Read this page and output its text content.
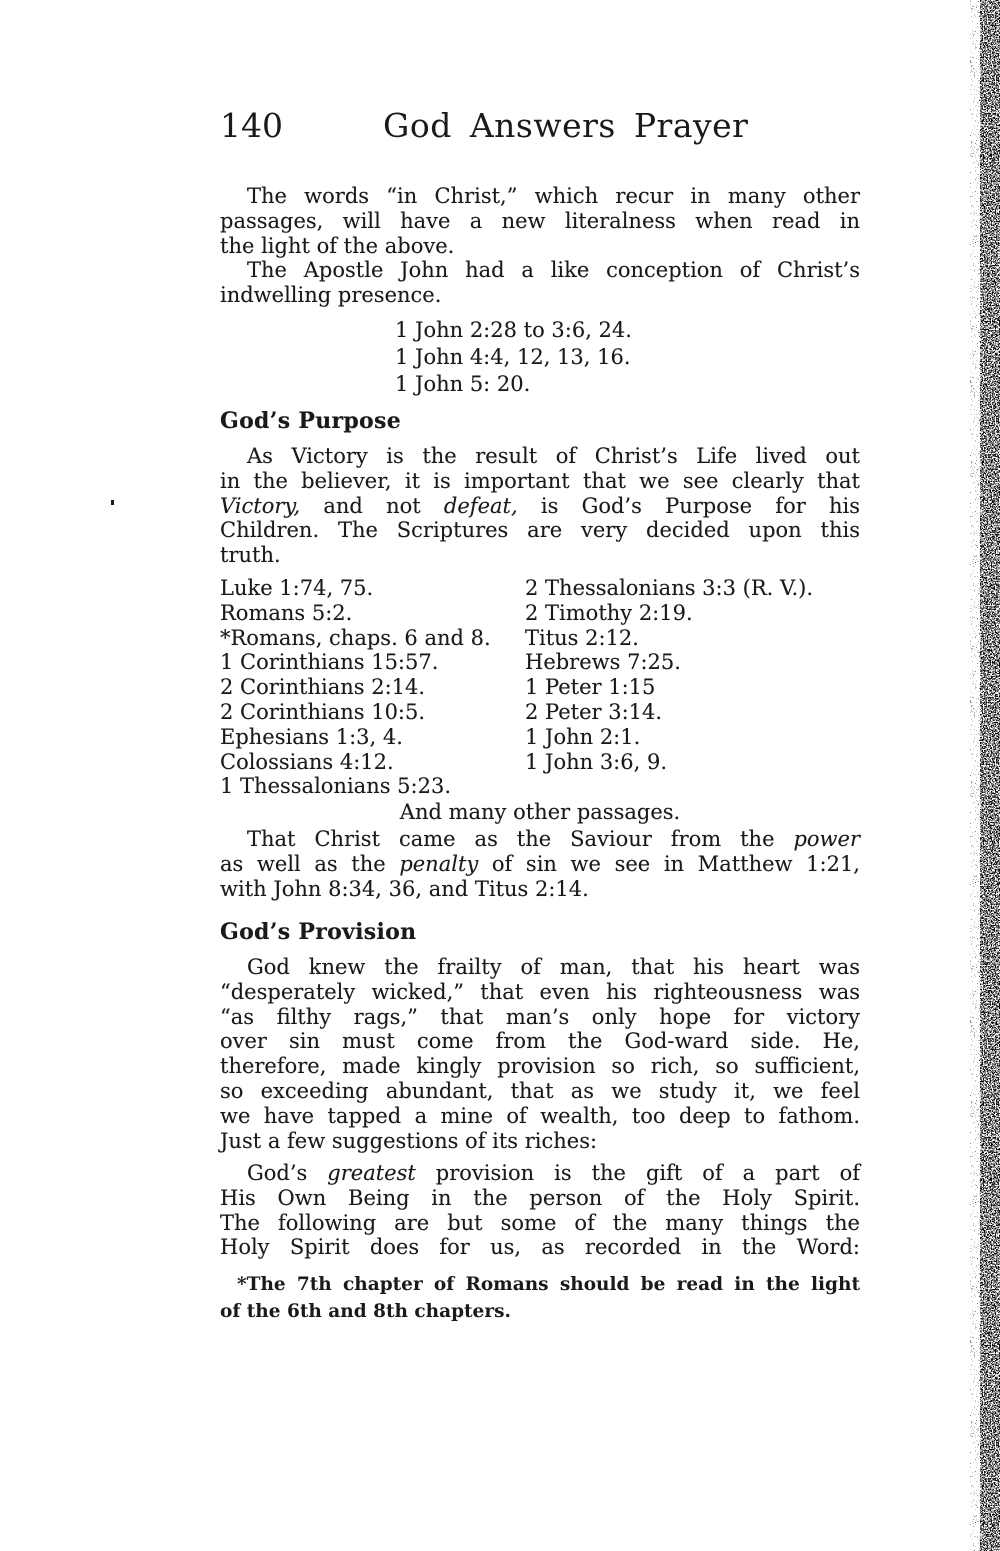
140	God Answers Prayer
The words “in Christ,” which recur in many other
passages, will have a new literalness when read in
the light of the above.
The Apostle John had a like conception of Christ’s
indwelling presence.
1 John 2:28 to 3:6, 24.
1 John 4:4, 12, 13, 16.
1 John 5: 20.
God’s Purpose
As Victory is the result of Christ’s Life lived out
in the believer, it is important that we see clearly that
Victory, and not defeat, is God’s Purpose for his
Children. The Scriptures are very decided upon this
truth.
Luke 1:74, 75.	2 Thessalonians 3:3 (R. V.).
Romans 5:2.	2 Timothy 2:19.
*Romans, chaps. 6 and 8.	Titus 2:12.
1 Corinthians 15:57.	Hebrews 7:25.
2 Corinthians 2:14.	1 Peter 1:15
2 Corinthians 10:5.	2 Peter 3:14.
Ephesians 1:3, 4.	1 John 2:1.
Colossians 4:12.	1 John 3:6, 9.
1 Thessalonians 5:23.
And many other passages.
That Christ came as the Saviour from the power
as well as the penalty of sin we see in Matthew 1:21,
with John 8:34, 36, and Titus 2:14.
God’s Provision
God knew the frailty of man, that his heart was
“desperately wicked,” that even his righteousness was
“as filthy rags,” that man’s only hope for victory
over sin must come from the God-ward side. He,
therefore, made kingly provision so rich, so sufficient,
so exceeding abundant, that as we study it, we feel
we have tapped a mine of wealth, too deep to fathom.
Just a few suggestions of its riches:
God’s greatest provision is the gift of a part of
His Own Being in the person of the Holy Spirit.
The following are but some of the many things the
Holy Spirit does for us, as recorded in the Word:
*The 7th chapter of Romans should be read in the light
of the 6th and 8th chapters.
